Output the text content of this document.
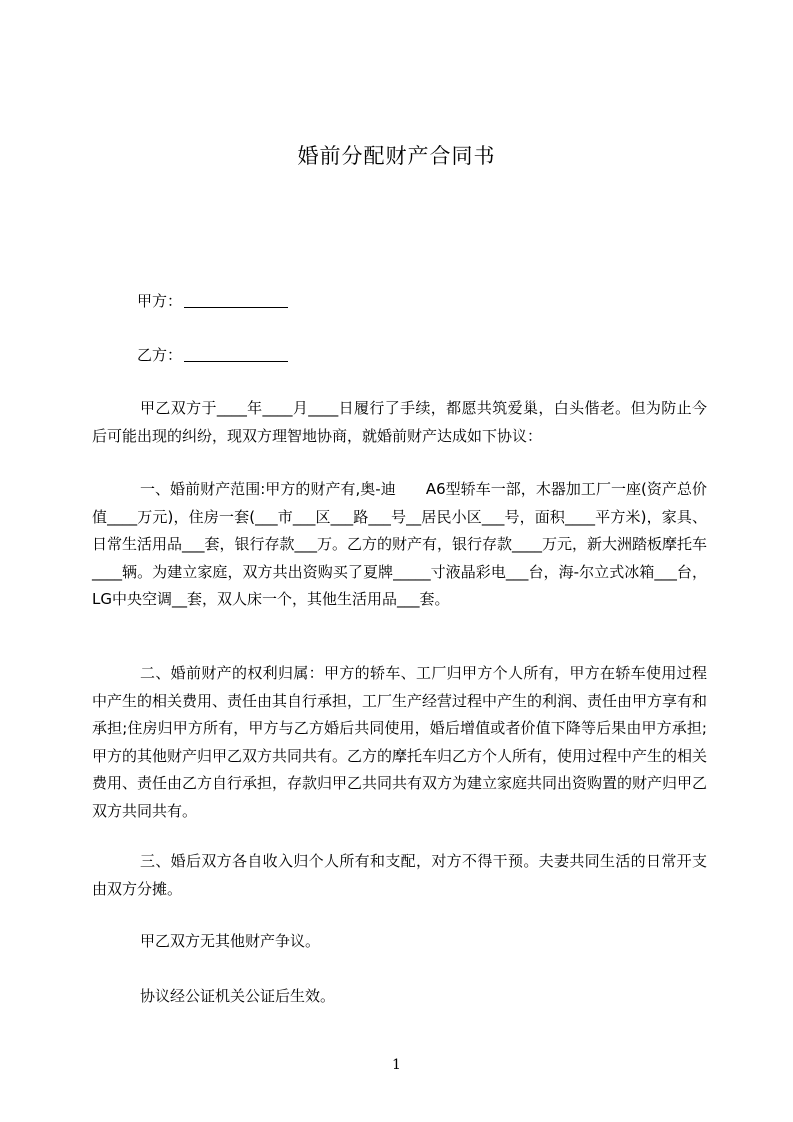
婚前分配财产合同书
甲方：
乙方：

甲乙双方于____年____月____日履行了手续，都愿共筑爱巢，白头偕老。但为防止今后可能出现的纠纷，现双方理智地协商，就婚前财产达成如下协议：

一、婚前财产范围:甲方的财产有,奥-迪　　A6型轿车一部，木器加工厂一座(资产总价值____万元)，住房一套(___市___区___路___号__居民小区___号，面积____平方米)，家具、日常生活用品___套，银行存款___万。乙方的财产有，银行存款____万元，新大洲踏板摩托车____辆。为建立家庭，双方共出资购买了夏牌_____寸液晶彩电___台，海-尔立式冰箱___台，LG中央空调__套，双人床一个，其他生活用品___套。

二、婚前财产的权利归属：甲方的轿车、工厂归甲方个人所有，甲方在轿车使用过程中产生的相关费用、责任由其自行承担，工厂生产经营过程中产生的利润、责任由甲方享有和承担;住房归甲方所有，甲方与乙方婚后共同使用，婚后增值或者价值下降等后果由甲方承担;甲方的其他财产归甲乙双方共同共有。乙方的摩托车归乙方个人所有，使用过程中产生的相关费用、责任由乙方自行承担，存款归甲乙共同共有双方为建立家庭共同出资购置的财产归甲乙双方共同共有。

三、婚后双方各自收入归个人所有和支配，对方不得干预。夫妻共同生活的日常开支由双方分摊。

甲乙双方无其他财产争议。

协议经公证机关公证后生效。

1
